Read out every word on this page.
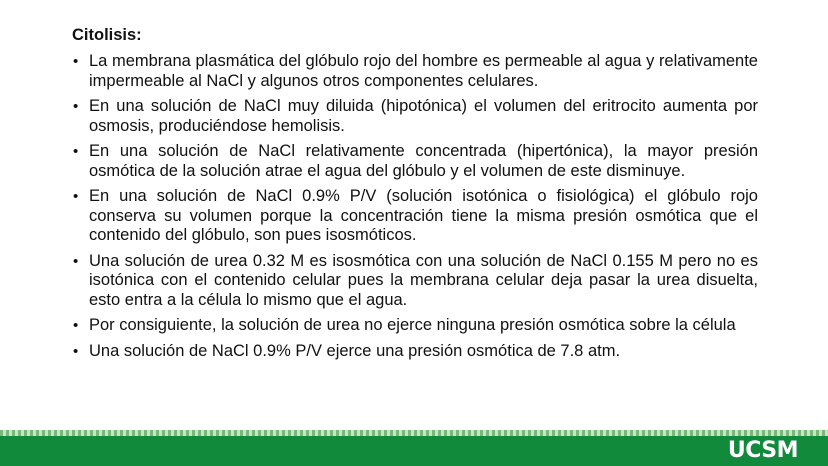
Citolisis:
• La membrana plasmática del glóbulo rojo del hombre es permeable al agua y relativamente impermeable al NaCl y algunos otros componentes celulares.
• En una solución de NaCl muy diluida (hipotónica) el volumen del eritrocito aumenta por osmosis, produciéndose hemolisis.
• En una solución de NaCl relativamente concentrada (hipertónica), la mayor presión osmótica de la solución atrae el agua del glóbulo y el volumen de este disminuye.
• En una solución de NaCl 0.9% P/V (solución isotónica o fisiológica) el glóbulo rojo conserva su volumen porque la concentración tiene la misma presión osmótica que el contenido del glóbulo, son pues isosmóticos.
• Una solución de urea 0.32 M es isosmótica con una solución de NaCl 0.155 M pero no es isotónica con el contenido celular pues la membrana celular deja pasar la urea disuelta, esto entra a la célula lo mismo que el agua.
• Por consiguiente, la solución de urea no ejerce ninguna presión osmótica sobre la célula
• Una solución de NaCl 0.9% P/V ejerce una presión osmótica de 7.8 atm.
UCSM
